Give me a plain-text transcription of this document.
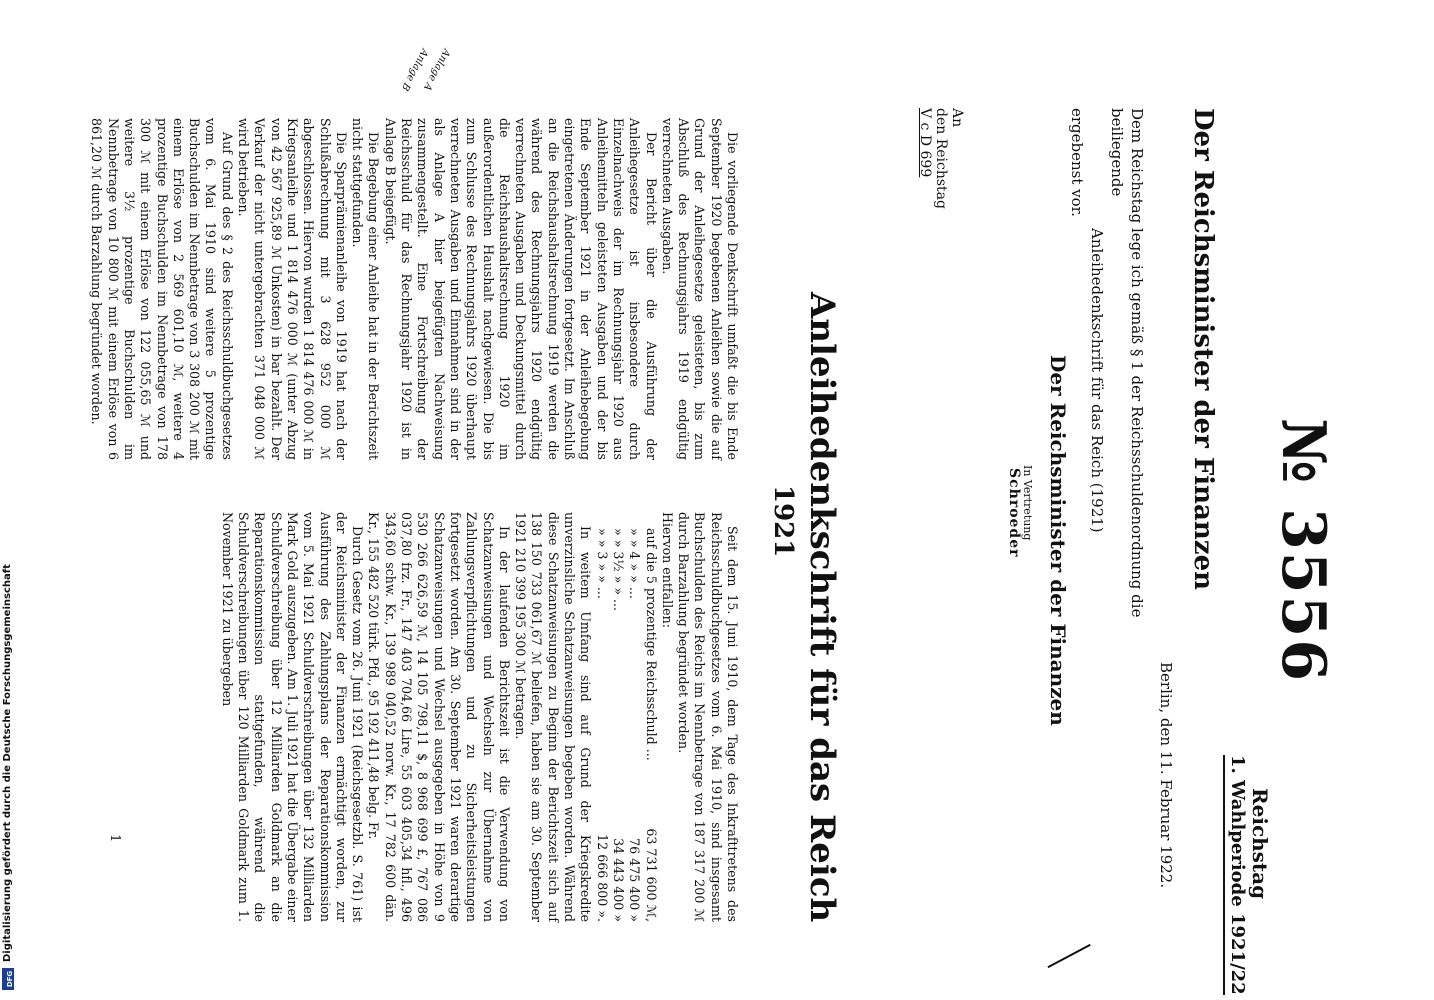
№ 3556
Reichstag
1. Wahlperiode 1921/22
Der Reichsminister der Finanzen
Berlin, den 11. Februar 1922.
Dem Reichstag lege ich gemäß § 1 der Reichsschuldenordnung die beiliegende

Anleihedenkschrift für das Reich (1921)
ergebenst vor.
Der Reichsminister der Finanzen
In Vertretung
Schroeder
An
den Reichstag
V c D 699
Anleihedenkschrift für das Reich
1921

Die vorliegende Denkschrift umfaßt die bis Ende September 1920 begebenen Anleihen sowie die auf Grund der Anleihegesetze geleisteten, bis zum Abschluß des Rechnungsjahrs 1919 endgültig verrechneten Ausgaben.

Der Bericht über die Ausführung der Anleihegesetze ist insbesondere durch Einzelnachweis der im Rechnungsjahr 1920 aus Anleihemitteln geleisteten Ausgaben und der bis Ende September 1921 in der Anleihebegebung eingetretenen Änderungen fortgesetzt. Im Anschluß an die Reichshaushaltsrechnung 1919 werden die während des Rechnungsjahrs 1920 endgültig verrechneten Ausgaben und Deckungsmittel durch die Reichshaushaltsrechnung 1920 im außerordentlichen Haushalt nachgewiesen. Die bis zum Schlusse des Rechnungsjahrs 1920 überhaupt verrechneten Ausgaben und Einnahmen sind in der als Anlage A hier beigefügten Nachweisung zusammengestellt. Eine Fortschreibung der Reichsschuld für das Rechnungsjahr 1920 ist in Anlage B beigefügt.

Die Begebung einer Anleihe hat in der Berichtszeit nicht stattgefunden.

Die Sparprämienanleihe von 1919 hat nach der Schlußabrechnung mit 3 628 952 000 ℳ abgeschlossen. Hiervon wurden 1 814 476 000 ℳ in Kriegsanleihe und 1 814 476 000 ℳ (unter Abzug von 42 567 925,89 ℳ Unkosten) in bar bezahlt. Der Verkauf der nicht untergebrachten 371 048 000 ℳ wird betrieben.

Auf Grund des § 2 des Reichsschuldbuchgesetzes vom 6. Mai 1910 sind weitere 5 prozentige Buchschulden im Nennbetrage von 3 308 200 ℳ mit einem Erlöse von 2 569 601,10 ℳ, weitere 4 prozentige Buchschulden im Nennbetrage von 178 300 ℳ mit einem Erlöse von 122 055,65 ℳ und weitere 3½ prozentige Buchschulden im Nennbetrage von 10 800 ℳ mit einem Erlöse von 6 861,20 ℳ durch Barzahlung begründet worden.

Seit dem 15. Juni 1910, dem Tage des Inkrafttretens des Reichsschuldbuchgesetzes vom 6. Mai 1910, sind insgesamt Buchschulden des Reichs im Nennbetrage von 187 317 200 ℳ durch Barzahlung begründet worden.

Hiervon entfallen:

auf die 5 prozentige Reichsschuld ...
63 731 600 ℳ,
» » 4 » » ...
76 475 400 »
» » 3½ » » ...
34 443 400 »
» » 3 » » ...
12 666 800 ».

In weitem Umfang sind auf Grund der Kriegskredite unverzinsliche Schatzanweisungen begeben worden. Während diese Schatzanweisungen zu Beginn der Berichtszeit sich auf 138 150 733 061,67 ℳ beliefen, haben sie am 30. September 1921 210 399 195 300 ℳ betragen.

In der laufenden Berichtszeit ist die Verwendung von Schatzanweisungen und Wechseln zur Übernahme von Zahlungsverpflichtungen und zu Sicherheitsleistungen fortgesetzt worden. Am 30. September 1921 waren derartige Schatzanweisungen und Wechsel ausgegeben in Höhe von 9 530 266 626,59 ℳ, 14 105 798,11 $, 8 968 699 £, 767 086 037,80 frz. Fr., 147 403 704,66 Lire, 55 603 405,34 hfl., 496 343,60 schw. Kr., 139 989 040,52 norw. Kr., 17 782 600 dän. Kr., 155 482 520 türk. Pfd., 95 192 411,48 belg. Fr.

Durch Gesetz vom 26. Juni 1921 (Reichsgesetzbl. S. 761) ist der Reichsminister der Finanzen ermächtigt worden, zur Ausführung des Zahlungsplans der Reparationskommission vom 5. Mai 1921 Schuldverschreibungen über 132 Milliarden Mark Gold auszugeben. Am 1. Juli 1921 hat die Übergabe einer Schuldverschreibung über 12 Milliarden Goldmark an die Reparationskommission stattgefunden, während die Schuldverschreibungen über 120 Milliarden Goldmark zum 1. November 1921 zu übergeben

Anlage A
Anlage B
1
Digitalisierung gefördert durch die Deutsche Forschungsgemeinschaft
DFG
